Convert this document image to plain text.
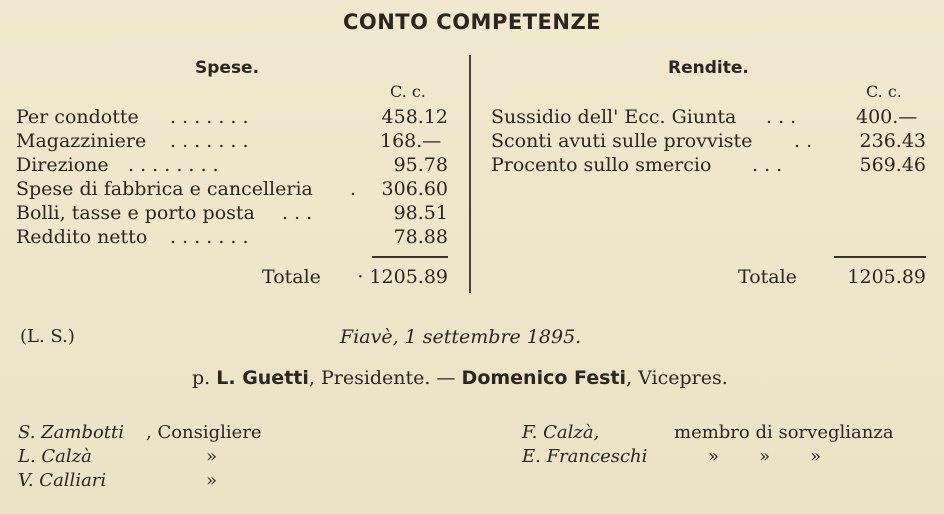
CONTO COMPETENZE
Spese.
C. c.
Per condotte . . . . . . .	458.12
Magazziniere . . . . . . .	168.—
Direzione . . . . . . . .	95.78
Spese di fabbrica e cancelleria .	306.60
Bolli, tasse e porto posta . . .	98.51
Reddito netto . . . . . . .	78.88
Totale	· 1205.89
Rendite.
C. c.
Sussidio dell' Ecc. Giunta . . .	400.—
Sconti avuti sulle provviste . .	236.43
Procento sullo smercio . . .	569.46
Totale	1205.89
(L. S.)	Fiavè, 1 settembre 1895.
p. L. Guetti, Presidente. — Domenico Festi, Vicepres.
S. Zambotti , Consigliere
L. Calzà	»
V. Calliari	»
F. Calzà,	membro di sorveglianza
E. Franceschi	»       »       »
